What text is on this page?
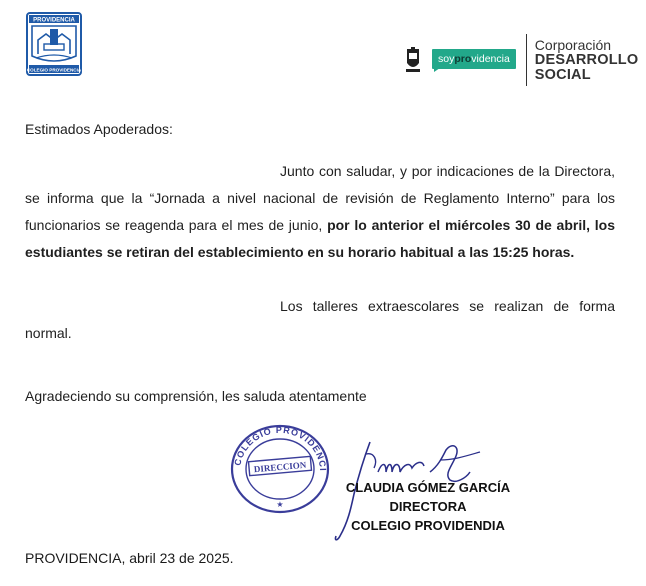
PROVIDENCIA
COLEGIO PROVIDENCIA
soyprovidencia
Corporación
DESARROLLO
SOCIAL
Estimados Apoderados:
Junto con saludar, y por indicaciones de la Directora, se informa que la “Jornada a nivel nacional de revisión de Reglamento Interno” para los funcionarios se reagenda para el mes de junio, por lo anterior el miércoles 30 de abril, los estudiantes se retiran del establecimiento en su horario habitual a las 15:25 horas.
Los talleres extraescolares se realizan de forma normal.
Agradeciendo su comprensión, les saluda atentamente
COLEGIO PROVIDENCI
DIRECCION
★
CLAUDIA GÓMEZ GARCÍA
DIRECTORA
COLEGIO PROVIDENDIA
PROVIDENCIA, abril 23 de 2025.
